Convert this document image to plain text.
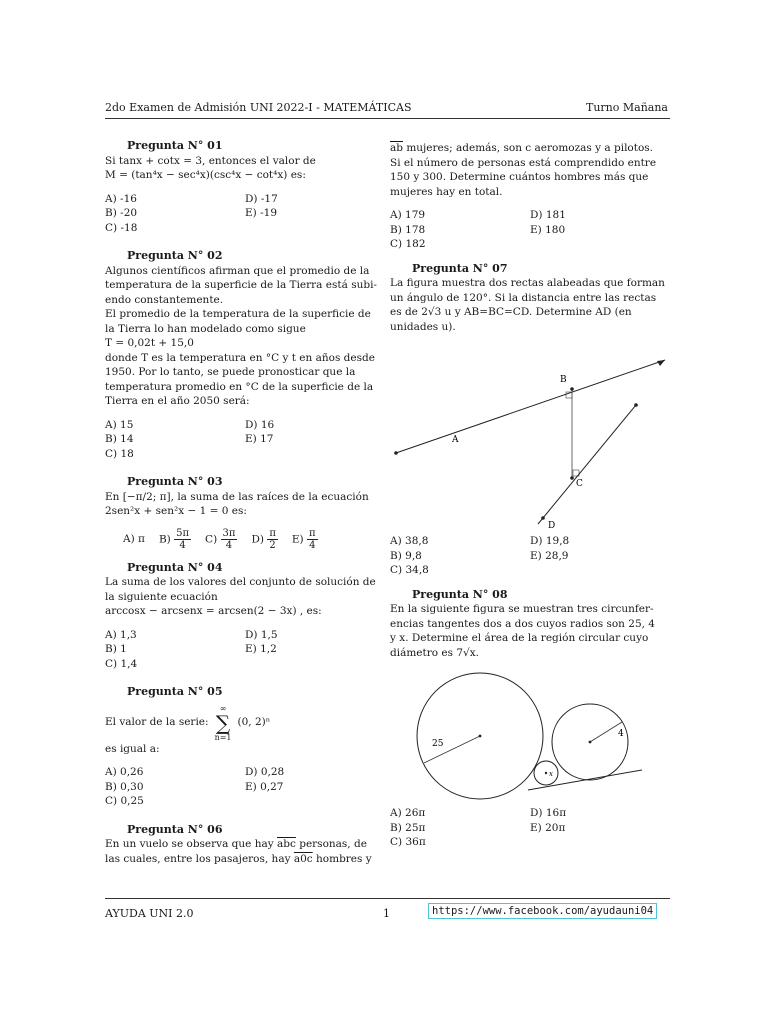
2do Examen de Admisión UNI 2022-I - MATEMÁTICAS	Turno Mañana
Pregunta N° 01

Si tanx + cotx = 3, entonces el valor de

M = (tan⁴x − sec⁴x)(csc⁴x − cot⁴x) es:

A) -16	D) -17
B) -20	E) -19
C) -18
Pregunta N° 02

Algunos científicos afirman que el promedio de la

temperatura de la superficie de la Tierra está subi-

endo constantemente.

El promedio de la temperatura de la superficie de

la Tierra lo han modelado como sigue

T = 0,02t + 15,0

donde T es la temperatura en °C y t en años desde

1950. Por lo tanto, se puede pronosticar que la

temperatura promedio en °C de la superficie de la

Tierra en el año 2050 será:

A) 15	D) 16
B) 14	E) 17
C) 18
Pregunta N° 03

En [−π/2; π], la suma de las raíces de la ecuación

2sen²x + sen²x − 1 = 0 es:

A) π $B) \frac{5\pi}{4} C) \frac{3\pi}{4} D) \frac{\pi}{2} E) \frac{\pi}{4}$
Pregunta N° 04

La suma de los valores del conjunto de solución de

la siguiente ecuación

arccosx − arcsenx = arcsen(2 − 3x) , es:

A) 1,3	D) 1,5
B) 1	E) 1,2
C) 1,4
Pregunta N° 05
El valor de la serie:
∞
∑
n=1
(0, 2)ⁿ

es igual a:

A) 0,26	D) 0,28
B) 0,30	E) 0,27
C) 0,25
Pregunta N° 06

En un vuelo se observa que hay $\overline{abc}$ personas, de

las cuales, entre los pasajeros, hay a0c hombres y

$\overline{ab}$ mujeres; además, son c aeromozas y a pilotos.

Si el número de personas está comprendido entre

150 y 300. Determine cuántos hombres más que

mujeres hay en total.

A) 179	D) 181
B) 178	E) 180
C) 182
Pregunta N° 07

La figura muestra dos rectas alabeadas que forman

un ángulo de 120°. Si la distancia entre las rectas

es de 2√3 u y AB=BC=CD. Determine AD (en

unidades u).

A
B
C
D
A) 38,8	D) 19,8
B) 9,8	E) 28,9
C) 34,8
Pregunta N° 08

En la siguiente figura se muestran tres circunfer-

encias tangentes dos a dos cuyos radios son 25, 4

y x. Determine el área de la región circular cuyo

diámetro es 7√x.

25
4
x
A) 26π	D) 16π
B) 25π	E) 20π
C) 36π
AYUDA UNI 2.0	1	https://www.facebook.com/ayudauni04
